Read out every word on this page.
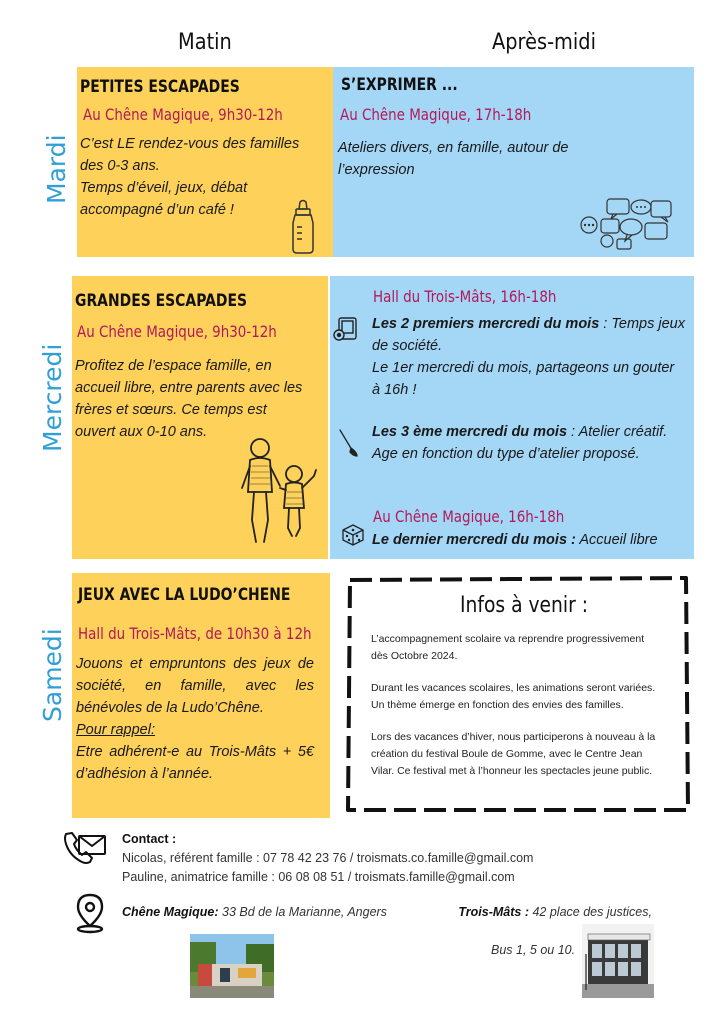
Matin	Après-midi
Mardi
Mercredi
Samedi
PETITES ESCAPADES
Au Chêne Magique, 9h30-12h
C’est LE rendez-vous des familles
des 0-3 ans.
Temps d’éveil, jeux, débat
accompagné d’un café !
S’EXPRIMER ...
Au Chêne Magique, 17h-18h
Ateliers divers, en famille, autour de
l’expression
GRANDES ESCAPADES
Au Chêne Magique, 9h30-12h
Profitez de l’espace famille, en
accueil libre, entre parents avec les
frères et sœurs. Ce temps est
ouvert aux 0-10 ans.
Hall du Trois-Mâts, 16h-18h
Les 2 premiers mercredi du mois : Temps jeux
de société.
Le 1er mercredi du mois, partageons un gouter
à 16h !
Les 3 ème mercredi du mois : Atelier créatif.
Age en fonction du type d’atelier proposé.
Au Chêne Magique, 16h-18h
Le dernier mercredi du mois : Accueil libre
JEUX AVEC LA LUDO’CHENE
Hall du Trois-Mâts, de 10h30 à 12h
Jouons et empruntons des jeux de
société, en famille, avec les
bénévoles de la Ludo’Chêne.
Pour rappel:
Etre adhérent-e au Trois-Mâts + 5€
d’adhésion à l’année.
Infos à venir :
L’accompagnement scolaire va reprendre progressivement
dès Octobre 2024.
Durant les vacances scolaires, les animations seront variées.
Un thème émerge en fonction des envies des familles.
Lors des vacances d’hiver, nous participerons à nouveau à la
création du festival Boule de Gomme, avec le Centre Jean
Vilar. Ce festival met à l’honneur les spectacles jeune public.
Contact :
Nicolas, référent famille : 07 78 42 23 76 / troismats.co.famille@gmail.com
Pauline, animatrice famille : 06 08 08 51 / troismats.famille@gmail.com
Chêne Magique: 33 Bd de la Marianne, Angers	Trois-Mâts : 42 place des justices,
Bus 1, 5 ou 10.
